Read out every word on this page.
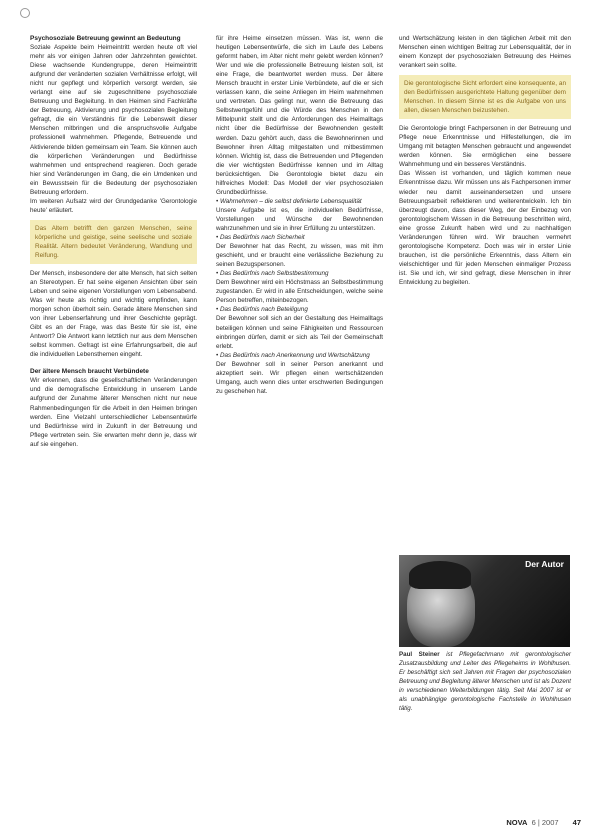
Psychosoziale Betreuung gewinnt an Bedeutung

Soziale Aspekte beim Heimeintritt werden heute oft viel mehr als vor einigen Jahren oder Jahrzehnten gewichtet. Diese wachsende Kundengruppe, deren Heimeintritt aufgrund der veränderten sozialen Verhältnisse erfolgt, will nicht nur gepflegt und körperlich versorgt werden, sie verlangt eine auf sie zugeschnittene psychosoziale Betreuung und Begleitung. In den Heimen sind Fachkräfte der Betreuung, Aktivierung und psychosozialen Begleitung gefragt, die ein Verständnis für die Lebenswelt dieser Menschen mitbringen und die anspruchsvolle Aufgabe professionell wahrnehmen. Pflegende, Betreuende und Aktivierende bilden gemeinsam ein Team. Sie können auch die körperlichen Veränderungen und Bedürfnisse wahrnehmen und entsprechend reagieren. Doch gerade hier sind Veränderungen im Gang, die ein Umdenken und ein Bewusstsein für die Bedeutung der psychosozialen Betreuung erfordern.

Im weiteren Aufsatz wird der Grundgedanke 'Gerontologie heute' erläutert.

Das Altern betrifft den ganzen Menschen, seine körperliche und geistige, seine seelische und soziale Realität. Altern bedeutet Veränderung, Wandlung und Reifung.

Der Mensch, insbesondere der alte Mensch, hat sich selten an Stereotypen. Er hat seine eigenen Ansichten über sein Leben und seine eigenen Vorstellungen vom Lebensabend. Was wir heute als richtig und wichtig empfinden, kann morgen schon überholt sein. Gerade ältere Menschen sind von ihrer Lebenserfahrung und ihrer Geschichte geprägt. Gibt es an der Frage, was das Beste für sie ist, eine Antwort? Die Antwort kann letztlich nur aus dem Menschen selbst kommen. Gefragt ist eine Erfahrungsarbeit, die auf die individuellen Lebensthemen eingeht.

Der ältere Mensch braucht Verbündete

Wir erkennen, dass die gesellschaftlichen Veränderungen und die demografische Entwicklung in unserem Lande aufgrund der Zunahme älterer Menschen nicht nur neue Rahmenbedingungen für die Arbeit in den Heimen bringen werden. Eine Vielzahl unterschiedlicher Lebensentwürfe und Bedürfnisse wird in Zukunft in der Betreuung und Pflege vertreten sein. Sie erwarten mehr denn je, dass wir auf sie eingehen.

für ihre Heime einsetzen müssen. Was ist, wenn die heutigen Lebensentwürfe, die sich im Laufe des Lebens geformt haben, im Alter nicht mehr gelebt werden können? Wer und wie die professionelle Betreuung leisten soll, ist eine Frage, die beantwortet werden muss. Der ältere Mensch braucht in erster Linie Verbündete, auf die er sich verlassen kann, die seine Anliegen im Heim wahrnehmen und vertreten. Das gelingt nur, wenn die Betreuung das Selbstwertgefühl und die Würde des Menschen in den Mittelpunkt stellt und die Anforderungen des Heimalltags nicht über die Bedürfnisse der Bewohnenden gestellt werden. Dazu gehört auch, dass die Bewohnerinnen und Bewohner ihren Alltag mitgestalten und mitbestimmen können. Wichtig ist, dass die Betreuenden und Pflegenden die vier wichtigsten Bedürfnisse kennen und im Alltag berücksichtigen. Die Gerontologie bietet dazu ein hilfreiches Modell: Das Modell der vier psychosozialen Grundbedürfnisse.

• Wahrnehmen – die selbst definierte Lebensqualität

Unsere Aufgabe ist es, die individuellen Bedürfnisse, Vorstellungen und Wünsche der Bewohnenden wahrzunehmen und sie in ihrer Erfüllung zu unterstützen.

• Das Bedürfnis nach Sicherheit

Der Bewohner hat das Recht, zu wissen, was mit ihm geschieht, und er braucht eine verlässliche Beziehung zu seinen Bezugspersonen.

• Das Bedürfnis nach Selbstbestimmung

Dem Bewohner wird ein Höchstmass an Selbstbestimmung zugestanden. Er wird in alle Entscheidungen, welche seine Person betreffen, miteinbezogen.

• Das Bedürfnis nach Beteiligung

Der Bewohner soll sich an der Gestaltung des Heimalltags beteiligen können und seine Fähigkeiten und Ressourcen einbringen dürfen, damit er sich als Teil der Gemeinschaft erlebt.

• Das Bedürfnis nach Anerkennung und Wertschätzung

Der Bewohner soll in seiner Person anerkannt und akzeptiert sein. Wir pflegen einen wertschätzenden Umgang, auch wenn dies unter erschwerten Bedingungen zu geschehen hat.

und Wertschätzung leisten in den täglichen Arbeit mit den Menschen einen wichtigen Beitrag zur Lebensqualität, der in einem Konzept der psychosozialen Betreuung des Heimes verankert sein sollte.

Die gerontologische Sicht erfordert eine konsequente, an den Bedürfnissen ausgerichtete Haltung gegenüber dem Menschen. In diesem Sinne ist es die Aufgabe von uns allen, diesen Menschen beizustehen.

Die Gerontologie bringt Fachpersonen in der Betreuung und Pflege neue Erkenntnisse und Hilfestellungen, die im Umgang mit betagten Menschen gebraucht und angewendet werden können. Sie ermöglichen eine bessere Wahrnehmung und ein besseres Verständnis.

Das Wissen ist vorhanden, und täglich kommen neue Erkenntnisse dazu. Wir müssen uns als Fachpersonen immer wieder neu damit auseinandersetzen und unsere Betreuungsarbeit reflektieren und weiterentwickeln. Ich bin überzeugt davon, dass dieser Weg, der der Einbezug von gerontologischem Wissen in die Betreuung beschritten wird, eine grosse Zukunft haben wird und zu nachhaltigen Veränderungen führen wird. Wir brauchen vermehrt gerontologische Kompetenz. Doch was wir in erster Linie brauchen, ist die persönliche Erkenntnis, dass Altern ein vielschichtiger und für jeden Menschen einmaliger Prozess ist. Sie und ich, wir sind gefragt, diese Menschen in ihrer Entwicklung zu begleiten.

Der Autor
Paul Steiner ist Pflegefachmann mit gerontologischer Zusatzausbildung und Leiter des Pflegeheims in Wohlhusen. Er beschäftigt sich seit Jahren mit Fragen der psychosozialen Betreuung und Begleitung älterer Menschen und ist als Dozent in verschiedenen Weiterbildungen tätig. Seit Mai 2007 ist er als unabhängige gerontologische Fachstelle in Wohlhusen tätig.
NOVA 6 | 2007 47
